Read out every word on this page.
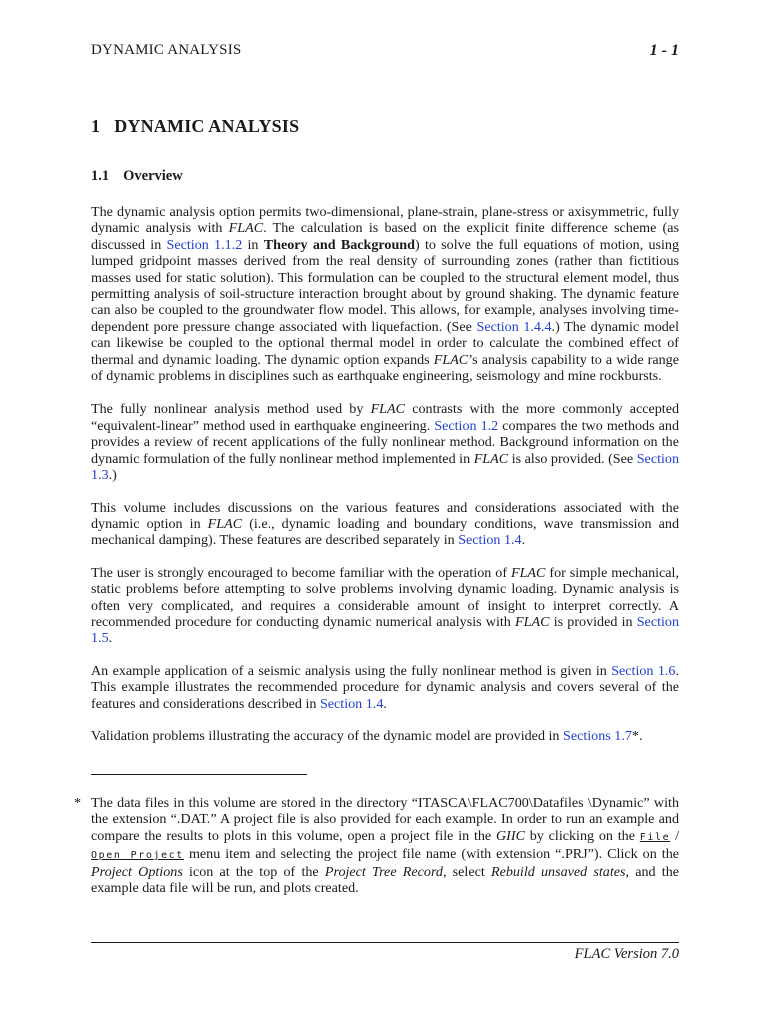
DYNAMIC ANALYSIS	1 - 1
1 DYNAMIC ANALYSIS
1.1 Overview

The dynamic analysis option permits two-dimensional, plane-strain, plane-stress or axisymmetric, fully dynamic analysis with FLAC. The calculation is based on the explicit finite difference scheme (as discussed in Section 1.1.2 in Theory and Background) to solve the full equations of motion, using lumped gridpoint masses derived from the real density of surrounding zones (rather than fictitious masses used for static solution). This formulation can be coupled to the structural element model, thus permitting analysis of soil-structure interaction brought about by ground shaking. The dynamic feature can also be coupled to the groundwater flow model. This allows, for example, analyses involving time-dependent pore pressure change associated with liquefaction. (See Section 1.4.4.) The dynamic model can likewise be coupled to the optional thermal model in order to calculate the combined effect of thermal and dynamic loading. The dynamic option expands FLAC’s analysis capability to a wide range of dynamic problems in disciplines such as earthquake engineering, seismology and mine rockbursts.

The fully nonlinear analysis method used by FLAC contrasts with the more commonly accepted “equivalent-linear” method used in earthquake engineering. Section 1.2 compares the two methods and provides a review of recent applications of the fully nonlinear method. Background information on the dynamic formulation of the fully nonlinear method implemented in FLAC is also provided. (See Section 1.3.)

This volume includes discussions on the various features and considerations associated with the dynamic option in FLAC (i.e., dynamic loading and boundary conditions, wave transmission and mechanical damping). These features are described separately in Section 1.4.

The user is strongly encouraged to become familiar with the operation of FLAC for simple mechanical, static problems before attempting to solve problems involving dynamic loading. Dynamic analysis is often very complicated, and requires a considerable amount of insight to interpret correctly. A recommended procedure for conducting dynamic numerical analysis with FLAC is provided in Section 1.5.

An example application of a seismic analysis using the fully nonlinear method is given in Section 1.6. This example illustrates the recommended procedure for dynamic analysis and covers several of the features and considerations described in Section 1.4.

Validation problems illustrating the accuracy of the dynamic model are provided in Sections 1.7*.

* The data files in this volume are stored in the directory “ITASCA\FLAC700\Datafiles \Dynamic” with the extension “.DAT.” A project file is also provided for each example. In order to run an example and compare the results to plots in this volume, open a project file in the GIIC by clicking on the File / Open Project menu item and selecting the project file name (with extension “.PRJ”). Click on the Project Options icon at the top of the Project Tree Record, select Rebuild unsaved states, and the example data file will be run, and plots created.
FLAC Version 7.0
